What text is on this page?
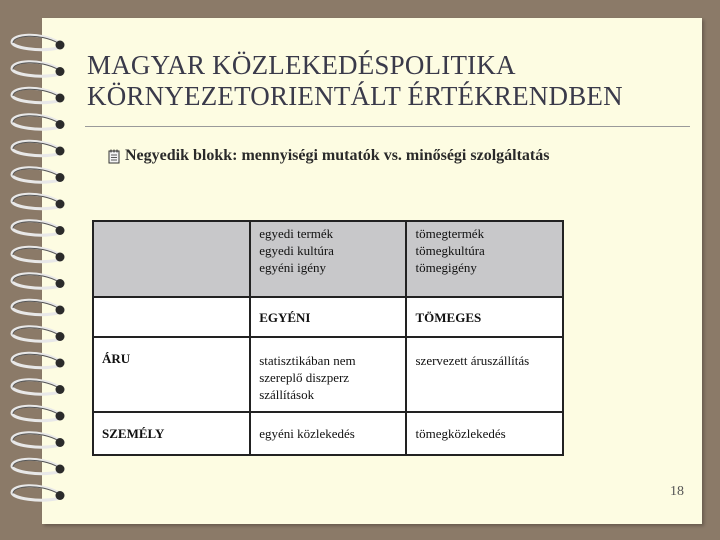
MAGYAR KÖZLEKEDÉSPOLITIKA
KÖRNYEZETORIENTÁLT ÉRTÉKRENDBEN
Negyedik blokk: mennyiségi mutatók vs. minőségi szolgáltatás

	egyedi termék
egyedi kultúra
egyéni igény	tömegtermék
tömegkultúra
tömegigény

	EGYÉNI	TÖMEGES
ÁRU	statisztikában nem
szereplő diszperz
szállítások	szervezett áruszállítás

SZEMÉLY	egyéni közlekedés	tömegközlekedés
18
